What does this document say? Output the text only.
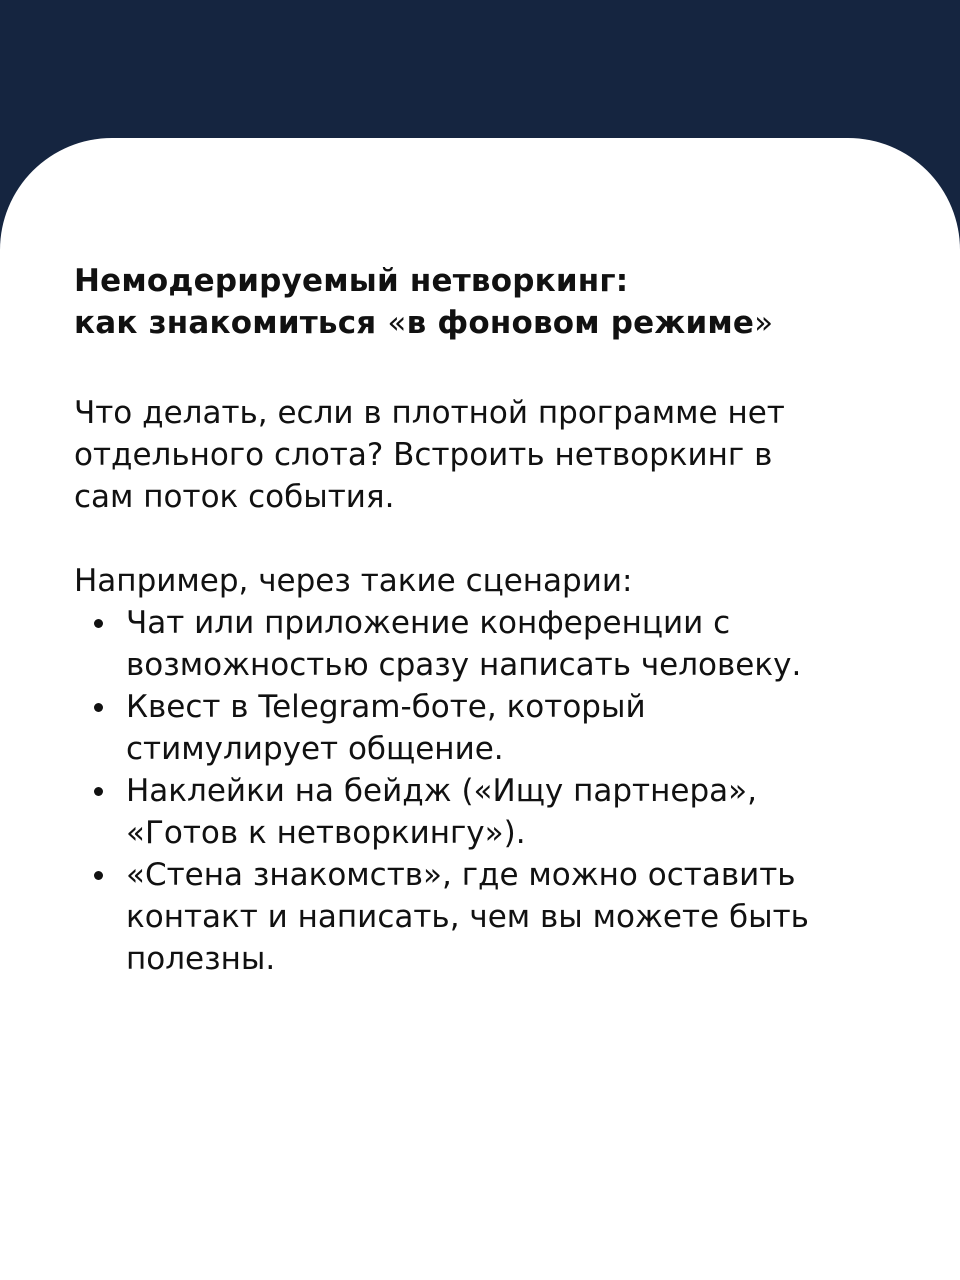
Немодерируемый нетворкинг:
как знакомиться «в фоновом режиме»

Что делать, если в плотной программе нет
отдельного слота? Встроить нетворкинг в
сам поток события.

Например, через такие сценарии:

Чат или приложение конференции с
возможностью сразу написать человеку.
Квест в Telegram-боте, который
стимулирует общение.
Наклейки на бейдж («Ищу партнера»,
«Готов к нетворкингу»).
«Стена знакомств», где можно оставить
контакт и написать, чем вы можете быть
полезны.
